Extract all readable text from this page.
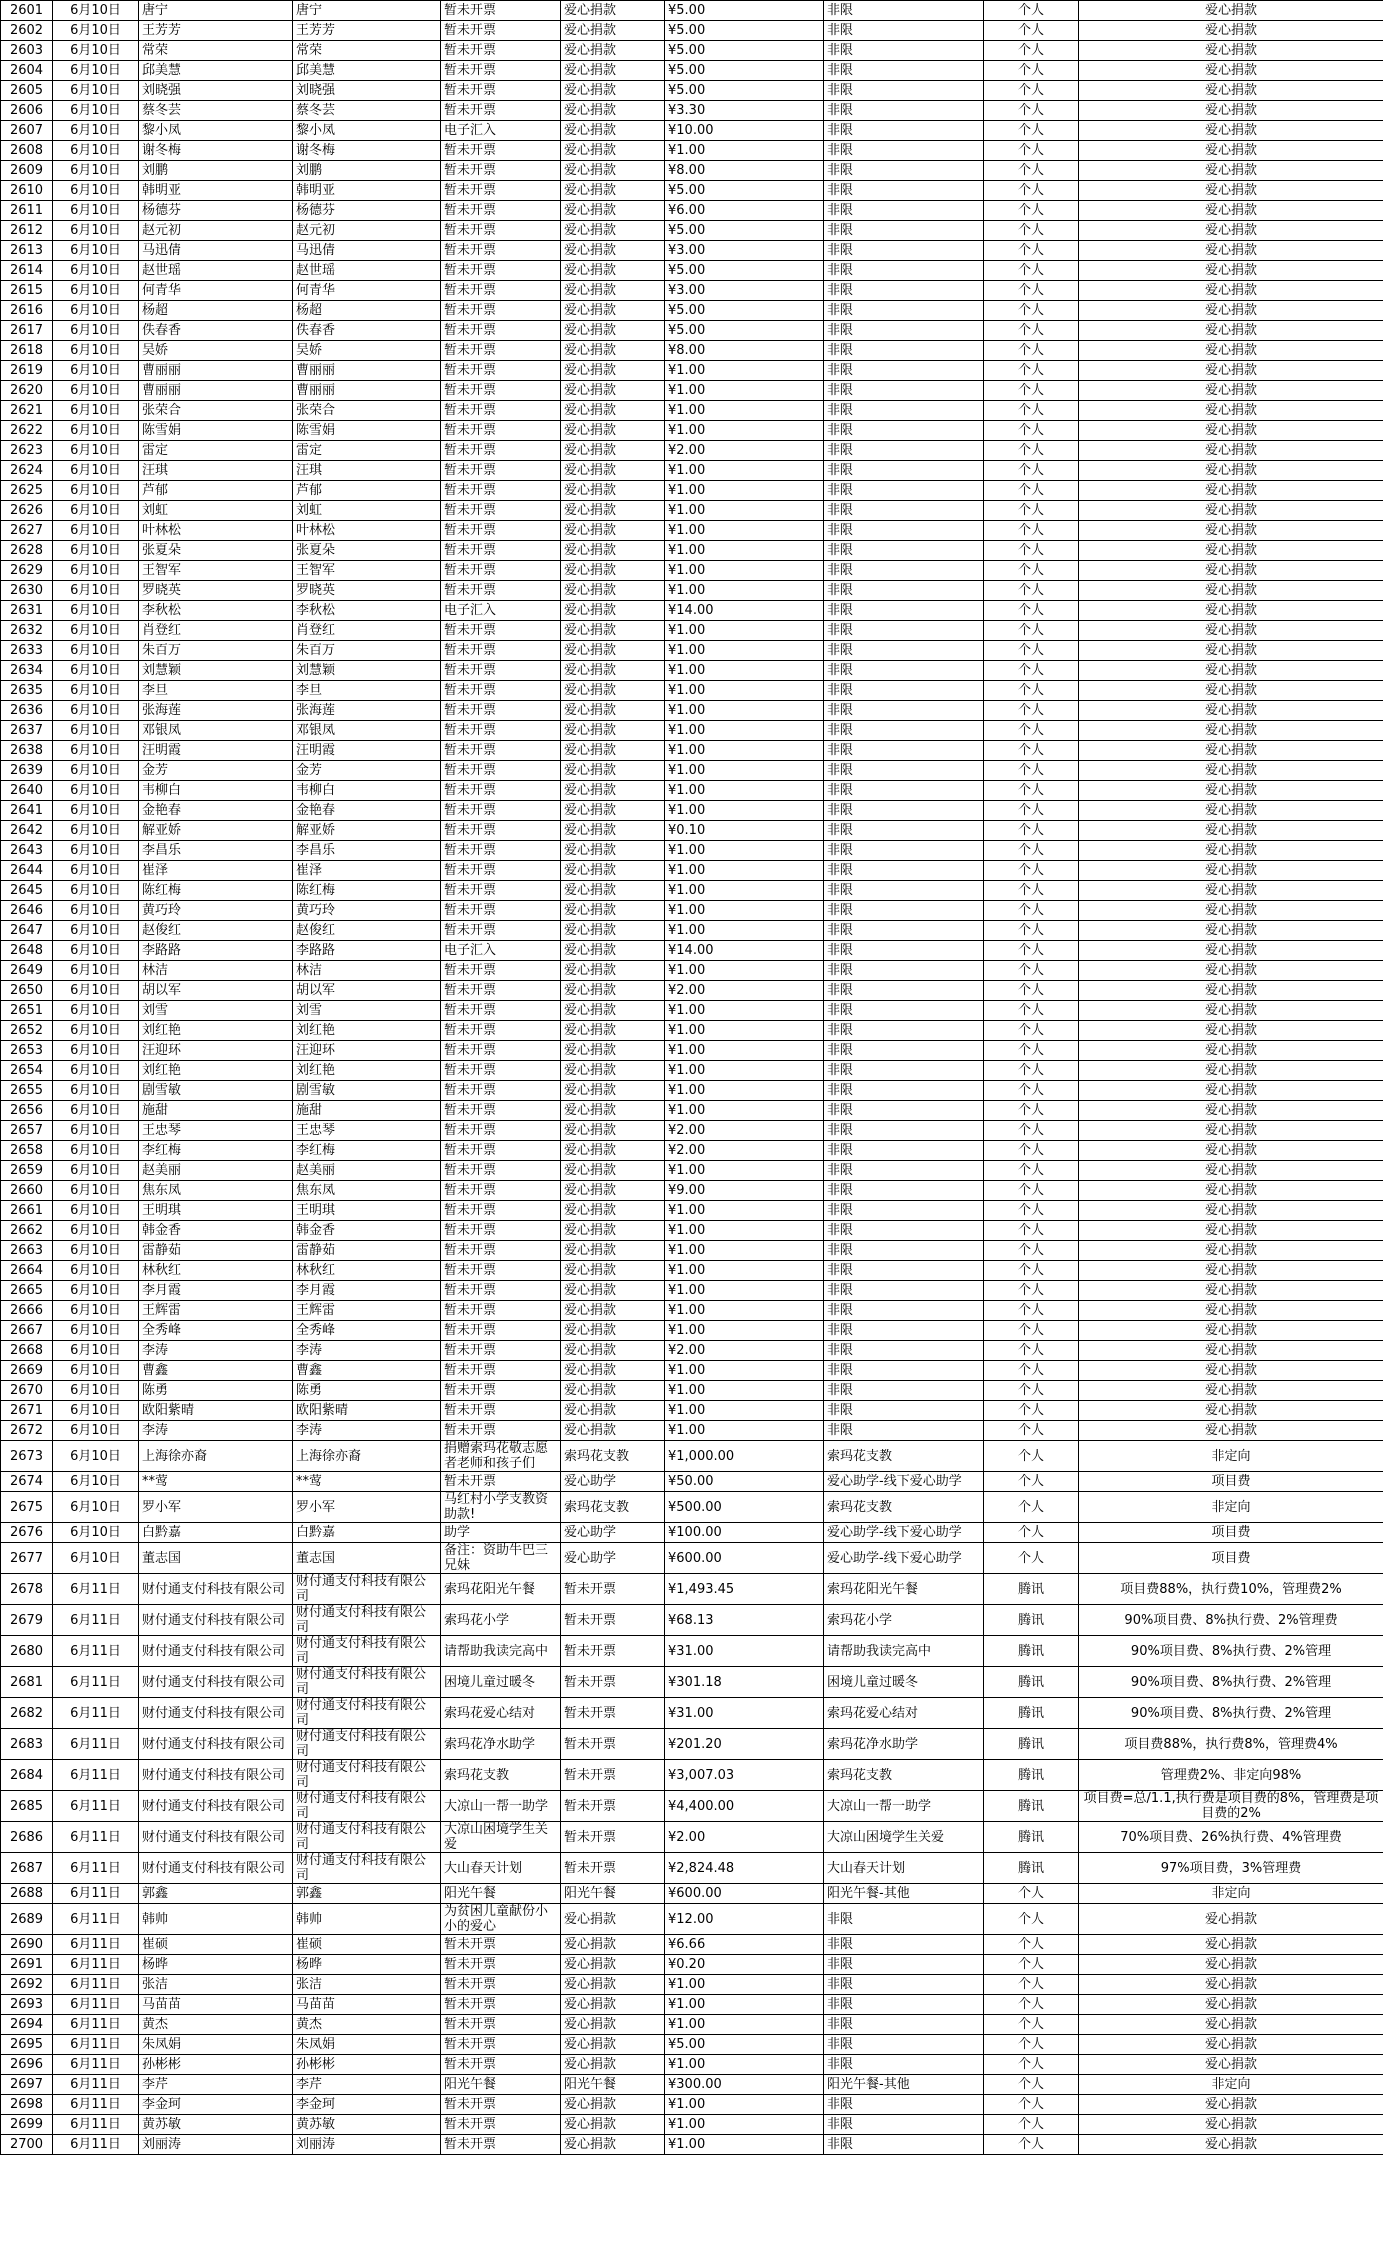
2601	6月10日	唐宁	唐宁	暂未开票	爱心捐款	¥5.00	非限	个人	爱心捐款
2602	6月10日	王芳芳	王芳芳	暂未开票	爱心捐款	¥5.00	非限	个人	爱心捐款
2603	6月10日	常荣	常荣	暂未开票	爱心捐款	¥5.00	非限	个人	爱心捐款
2604	6月10日	邱美慧	邱美慧	暂未开票	爱心捐款	¥5.00	非限	个人	爱心捐款
2605	6月10日	刘晓强	刘晓强	暂未开票	爱心捐款	¥5.00	非限	个人	爱心捐款
2606	6月10日	蔡冬芸	蔡冬芸	暂未开票	爱心捐款	¥3.30	非限	个人	爱心捐款
2607	6月10日	黎小凤	黎小凤	电子汇入	爱心捐款	¥10.00	非限	个人	爱心捐款
2608	6月10日	谢冬梅	谢冬梅	暂未开票	爱心捐款	¥1.00	非限	个人	爱心捐款
2609	6月10日	刘鹏	刘鹏	暂未开票	爱心捐款	¥8.00	非限	个人	爱心捐款
2610	6月10日	韩明亚	韩明亚	暂未开票	爱心捐款	¥5.00	非限	个人	爱心捐款
2611	6月10日	杨德芬	杨德芬	暂未开票	爱心捐款	¥6.00	非限	个人	爱心捐款
2612	6月10日	赵元初	赵元初	暂未开票	爱心捐款	¥5.00	非限	个人	爱心捐款
2613	6月10日	马迅倩	马迅倩	暂未开票	爱心捐款	¥3.00	非限	个人	爱心捐款
2614	6月10日	赵世瑶	赵世瑶	暂未开票	爱心捐款	¥5.00	非限	个人	爱心捐款
2615	6月10日	何青华	何青华	暂未开票	爱心捐款	¥3.00	非限	个人	爱心捐款
2616	6月10日	杨超	杨超	暂未开票	爱心捐款	¥5.00	非限	个人	爱心捐款
2617	6月10日	佚春香	佚春香	暂未开票	爱心捐款	¥5.00	非限	个人	爱心捐款
2618	6月10日	吴娇	吴娇	暂未开票	爱心捐款	¥8.00	非限	个人	爱心捐款
2619	6月10日	曹丽丽	曹丽丽	暂未开票	爱心捐款	¥1.00	非限	个人	爱心捐款
2620	6月10日	曹丽丽	曹丽丽	暂未开票	爱心捐款	¥1.00	非限	个人	爱心捐款
2621	6月10日	张荣合	张荣合	暂未开票	爱心捐款	¥1.00	非限	个人	爱心捐款
2622	6月10日	陈雪娟	陈雪娟	暂未开票	爱心捐款	¥1.00	非限	个人	爱心捐款
2623	6月10日	雷定	雷定	暂未开票	爱心捐款	¥2.00	非限	个人	爱心捐款
2624	6月10日	汪琪	汪琪	暂未开票	爱心捐款	¥1.00	非限	个人	爱心捐款
2625	6月10日	芦郁	芦郁	暂未开票	爱心捐款	¥1.00	非限	个人	爱心捐款
2626	6月10日	刘虹	刘虹	暂未开票	爱心捐款	¥1.00	非限	个人	爱心捐款
2627	6月10日	叶林松	叶林松	暂未开票	爱心捐款	¥1.00	非限	个人	爱心捐款
2628	6月10日	张夏朵	张夏朵	暂未开票	爱心捐款	¥1.00	非限	个人	爱心捐款
2629	6月10日	王智军	王智军	暂未开票	爱心捐款	¥1.00	非限	个人	爱心捐款
2630	6月10日	罗晓英	罗晓英	暂未开票	爱心捐款	¥1.00	非限	个人	爱心捐款
2631	6月10日	李秋松	李秋松	电子汇入	爱心捐款	¥14.00	非限	个人	爱心捐款
2632	6月10日	肖登红	肖登红	暂未开票	爱心捐款	¥1.00	非限	个人	爱心捐款
2633	6月10日	朱百万	朱百万	暂未开票	爱心捐款	¥1.00	非限	个人	爱心捐款
2634	6月10日	刘慧颖	刘慧颖	暂未开票	爱心捐款	¥1.00	非限	个人	爱心捐款
2635	6月10日	李旦	李旦	暂未开票	爱心捐款	¥1.00	非限	个人	爱心捐款
2636	6月10日	张海莲	张海莲	暂未开票	爱心捐款	¥1.00	非限	个人	爱心捐款
2637	6月10日	邓银凤	邓银凤	暂未开票	爱心捐款	¥1.00	非限	个人	爱心捐款
2638	6月10日	汪明霞	汪明霞	暂未开票	爱心捐款	¥1.00	非限	个人	爱心捐款
2639	6月10日	金芳	金芳	暂未开票	爱心捐款	¥1.00	非限	个人	爱心捐款
2640	6月10日	韦柳白	韦柳白	暂未开票	爱心捐款	¥1.00	非限	个人	爱心捐款
2641	6月10日	金艳春	金艳春	暂未开票	爱心捐款	¥1.00	非限	个人	爱心捐款
2642	6月10日	解亚娇	解亚娇	暂未开票	爱心捐款	¥0.10	非限	个人	爱心捐款
2643	6月10日	李昌乐	李昌乐	暂未开票	爱心捐款	¥1.00	非限	个人	爱心捐款
2644	6月10日	崔泽	崔泽	暂未开票	爱心捐款	¥1.00	非限	个人	爱心捐款
2645	6月10日	陈红梅	陈红梅	暂未开票	爱心捐款	¥1.00	非限	个人	爱心捐款
2646	6月10日	黄巧玲	黄巧玲	暂未开票	爱心捐款	¥1.00	非限	个人	爱心捐款
2647	6月10日	赵俊红	赵俊红	暂未开票	爱心捐款	¥1.00	非限	个人	爱心捐款
2648	6月10日	李路路	李路路	电子汇入	爱心捐款	¥14.00	非限	个人	爱心捐款
2649	6月10日	林洁	林洁	暂未开票	爱心捐款	¥1.00	非限	个人	爱心捐款
2650	6月10日	胡以军	胡以军	暂未开票	爱心捐款	¥2.00	非限	个人	爱心捐款
2651	6月10日	刘雪	刘雪	暂未开票	爱心捐款	¥1.00	非限	个人	爱心捐款
2652	6月10日	刘红艳	刘红艳	暂未开票	爱心捐款	¥1.00	非限	个人	爱心捐款
2653	6月10日	汪迎环	汪迎环	暂未开票	爱心捐款	¥1.00	非限	个人	爱心捐款
2654	6月10日	刘红艳	刘红艳	暂未开票	爱心捐款	¥1.00	非限	个人	爱心捐款
2655	6月10日	剧雪敏	剧雪敏	暂未开票	爱心捐款	¥1.00	非限	个人	爱心捐款
2656	6月10日	施甜	施甜	暂未开票	爱心捐款	¥1.00	非限	个人	爱心捐款
2657	6月10日	王忠琴	王忠琴	暂未开票	爱心捐款	¥2.00	非限	个人	爱心捐款
2658	6月10日	李红梅	李红梅	暂未开票	爱心捐款	¥2.00	非限	个人	爱心捐款
2659	6月10日	赵美丽	赵美丽	暂未开票	爱心捐款	¥1.00	非限	个人	爱心捐款
2660	6月10日	焦东凤	焦东凤	暂未开票	爱心捐款	¥9.00	非限	个人	爱心捐款
2661	6月10日	王明琪	王明琪	暂未开票	爱心捐款	¥1.00	非限	个人	爱心捐款
2662	6月10日	韩金香	韩金香	暂未开票	爱心捐款	¥1.00	非限	个人	爱心捐款
2663	6月10日	雷静茹	雷静茹	暂未开票	爱心捐款	¥1.00	非限	个人	爱心捐款
2664	6月10日	林秋红	林秋红	暂未开票	爱心捐款	¥1.00	非限	个人	爱心捐款
2665	6月10日	李月霞	李月霞	暂未开票	爱心捐款	¥1.00	非限	个人	爱心捐款
2666	6月10日	王辉雷	王辉雷	暂未开票	爱心捐款	¥1.00	非限	个人	爱心捐款
2667	6月10日	全秀峰	全秀峰	暂未开票	爱心捐款	¥1.00	非限	个人	爱心捐款
2668	6月10日	李涛	李涛	暂未开票	爱心捐款	¥2.00	非限	个人	爱心捐款
2669	6月10日	曹鑫	曹鑫	暂未开票	爱心捐款	¥1.00	非限	个人	爱心捐款
2670	6月10日	陈勇	陈勇	暂未开票	爱心捐款	¥1.00	非限	个人	爱心捐款
2671	6月10日	欧阳紫晴	欧阳紫晴	暂未开票	爱心捐款	¥1.00	非限	个人	爱心捐款
2672	6月10日	李涛	李涛	暂未开票	爱心捐款	¥1.00	非限	个人	爱心捐款
2673	6月10日	上海徐亦裔	上海徐亦裔	捐赠索玛花敬志愿者老师和孩子们	索玛花支教	¥1,000.00	索玛花支教	个人	非定向
2674	6月10日	**莺	**莺	暂未开票	爱心助学	¥50.00	爱心助学-线下爱心助学	个人	项目费
2675	6月10日	罗小军	罗小军	马红村小学支教资助款!	索玛花支教	¥500.00	索玛花支教	个人	非定向
2676	6月10日	白黔嘉	白黔嘉	助学	爱心助学	¥100.00	爱心助学-线下爱心助学	个人	项目费
2677	6月10日	董志国	董志国	备注：资助牛巴三兄妹	爱心助学	¥600.00	爱心助学-线下爱心助学	个人	项目费
2678	6月11日	财付通支付科技有限公司	财付通支付科技有限公司	索玛花阳光午餐	暂未开票	¥1,493.45	索玛花阳光午餐	腾讯	项目费88%，执行费10%，管理费2%
2679	6月11日	财付通支付科技有限公司	财付通支付科技有限公司	索玛花小学	暂未开票	¥68.13	索玛花小学	腾讯	90%项目费、8%执行费、2%管理费
2680	6月11日	财付通支付科技有限公司	财付通支付科技有限公司	请帮助我读完高中	暂未开票	¥31.00	请帮助我读完高中	腾讯	90%项目费、8%执行费、2%管理
2681	6月11日	财付通支付科技有限公司	财付通支付科技有限公司	困境儿童过暖冬	暂未开票	¥301.18	困境儿童过暖冬	腾讯	90%项目费、8%执行费、2%管理
2682	6月11日	财付通支付科技有限公司	财付通支付科技有限公司	索玛花爱心结对	暂未开票	¥31.00	索玛花爱心结对	腾讯	90%项目费、8%执行费、2%管理
2683	6月11日	财付通支付科技有限公司	财付通支付科技有限公司	索玛花净水助学	暂未开票	¥201.20	索玛花净水助学	腾讯	项目费88%，执行费8%，管理费4%
2684	6月11日	财付通支付科技有限公司	财付通支付科技有限公司	索玛花支教	暂未开票	¥3,007.03	索玛花支教	腾讯	管理费2%、非定向98%
2685	6月11日	财付通支付科技有限公司	财付通支付科技有限公司	大凉山一帮一助学	暂未开票	¥4,400.00	大凉山一帮一助学	腾讯	项目费=总/1.1,执行费是项目费的8%，管理费是项目费的2%
2686	6月11日	财付通支付科技有限公司	财付通支付科技有限公司	大凉山困境学生关爱	暂未开票	¥2.00	大凉山困境学生关爱	腾讯	70%项目费、26%执行费、4%管理费
2687	6月11日	财付通支付科技有限公司	财付通支付科技有限公司	大山春天计划	暂未开票	¥2,824.48	大山春天计划	腾讯	97%项目费，3%管理费
2688	6月11日	郭鑫	郭鑫	阳光午餐	阳光午餐	¥600.00	阳光午餐-其他	个人	非定向
2689	6月11日	韩帅	韩帅	为贫困儿童献份小小的爱心	爱心捐款	¥12.00	非限	个人	爱心捐款
2690	6月11日	崔硕	崔硕	暂未开票	爱心捐款	¥6.66	非限	个人	爱心捐款
2691	6月11日	杨晔	杨晔	暂未开票	爱心捐款	¥0.20	非限	个人	爱心捐款
2692	6月11日	张洁	张洁	暂未开票	爱心捐款	¥1.00	非限	个人	爱心捐款
2693	6月11日	马苗苗	马苗苗	暂未开票	爱心捐款	¥1.00	非限	个人	爱心捐款
2694	6月11日	黄杰	黄杰	暂未开票	爱心捐款	¥1.00	非限	个人	爱心捐款
2695	6月11日	朱凤娟	朱凤娟	暂未开票	爱心捐款	¥5.00	非限	个人	爱心捐款
2696	6月11日	孙彬彬	孙彬彬	暂未开票	爱心捐款	¥1.00	非限	个人	爱心捐款
2697	6月11日	李芹	李芹	阳光午餐	阳光午餐	¥300.00	阳光午餐-其他	个人	非定向
2698	6月11日	李金珂	李金珂	暂未开票	爱心捐款	¥1.00	非限	个人	爱心捐款
2699	6月11日	黄苏敏	黄苏敏	暂未开票	爱心捐款	¥1.00	非限	个人	爱心捐款
2700	6月11日	刘丽涛	刘丽涛	暂未开票	爱心捐款	¥1.00	非限	个人	爱心捐款
